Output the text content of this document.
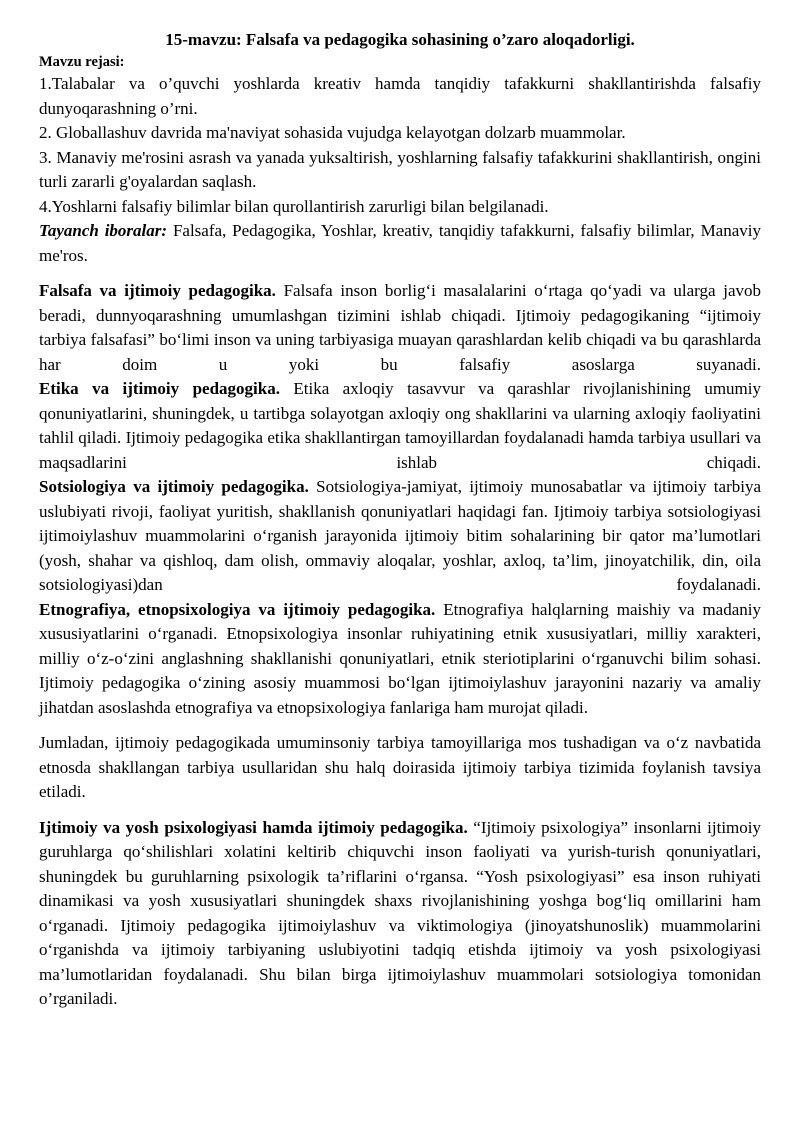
15-mavzu: Falsafa va pedagogika sohasining o’zaro aloqadorligi.
Mavzu rejasi:

1.Talabalar va o’quvchi yoshlarda kreativ hamda tanqidiy tafakkurni shakllantirishda falsafiy dunyoqarashning o’rni.

2. Globallashuv davrida ma'naviyat sohasida vujudga kelayotgan dolzarb muammolar.

3. Manaviy me'rosini asrash va yanada yuksaltirish, yoshlarning falsafiy tafakkurini shakllantirish, ongini turli zararli g'oyalardan saqlash.

4.Yoshlarni falsafiy bilimlar bilan qurollantirish zarurligi bilan belgilanadi.

Tayanch iboralar: Falsafa, Pedagogika, Yoshlar, kreativ, tanqidiy tafakkurni, falsafiy bilimlar, Manaviy me'ros.

Falsafa va ijtimoiy pedagogika. Falsafa inson borlig‘i masalalarini o‘rtaga qo‘yadi va ularga javob beradi, dunnyoqarashning umumlashgan tizimini ishlab chiqadi. Ijtimoiy pedagogikaning “ijtimoiy tarbiya falsafasi” bo‘limi inson va uning tarbiyasiga muayan qarashlardan kelib chiqadi va bu qarashlarda har doim u yoki bu falsafiy asoslarga suyanadi.

Etika va ijtimoiy pedagogika. Etika axloqiy tasavvur va qarashlar rivojlanishining umumiy qonuniyatlarini, shuningdek, u tartibga solayotgan axloqiy ong shakllarini va ularning axloqiy faoliyatini tahlil qiladi. Ijtimoiy pedagogika etika shakllantirgan tamoyillardan foydalanadi hamda tarbiya usullari va maqsadlarini ishlab chiqadi.

Sotsiologiya va ijtimoiy pedagogika. Sotsiologiya-jamiyat, ijtimoiy munosabatlar va ijtimoiy tarbiya uslubiyati rivoji, faoliyat yuritish, shakllanish qonuniyatlari haqidagi fan. Ijtimoiy tarbiya sotsiologiyasi ijtimoiylashuv muammolarini o‘rganish jarayonida ijtimoiy bitim sohalarining bir qator ma’lumotlari (yosh, shahar va qishloq, dam olish, ommaviy aloqalar, yoshlar, axloq, ta’lim, jinoyatchilik, din, oila sotsiologiyasi)dan foydalanadi.

Etnografiya, etnopsixologiya va ijtimoiy pedagogika. Etnografiya halqlarning maishiy va madaniy xususiyatlarini o‘rganadi. Etnopsixologiya insonlar ruhiyatining etnik xususiyatlari, milliy xarakteri, milliy o‘z-o‘zini anglashning shakllanishi qonuniyatlari, etnik steriotiplarini o‘rganuvchi bilim sohasi. Ijtimoiy pedagogika o‘zining asosiy muammosi bo‘lgan ijtimoiylashuv jarayonini nazariy va amaliy jihatdan asoslashda etnografiya va etnopsixologiya fanlariga ham murojat qiladi.

Jumladan, ijtimoiy pedagogikada umuminsoniy tarbiya tamoyillariga mos tushadigan va o‘z navbatida etnosda shakllangan tarbiya usullaridan shu halq doirasida ijtimoiy tarbiya tizimida foylanish tavsiya etiladi.

Ijtimoiy va yosh psixologiyasi hamda ijtimoiy pedagogika. “Ijtimoiy psixologiya” insonlarni ijtimoiy guruhlarga qo‘shilishlari xolatini keltirib chiquvchi inson faoliyati va yurish-turish qonuniyatlari, shuningdek bu guruhlarning psixologik ta’riflarini o‘rgansa. “Yosh psixologiyasi” esa inson ruhiyati dinamikasi va yosh xususiyatlari shuningdek shaxs rivojlanishining yoshga bog‘liq omillarini ham o‘rganadi. Ijtimoiy pedagogika ijtimoiylashuv va viktimologiya (jinoyatshunoslik) muammolarini o‘rganishda va ijtimoiy tarbiyaning uslubiyotini tadqiq etishda ijtimoiy va yosh psixologiyasi ma’lumotlaridan foydalanadi. Shu bilan birga ijtimoiylashuv muammolari sotsiologiya tomonidan o’rganiladi.
